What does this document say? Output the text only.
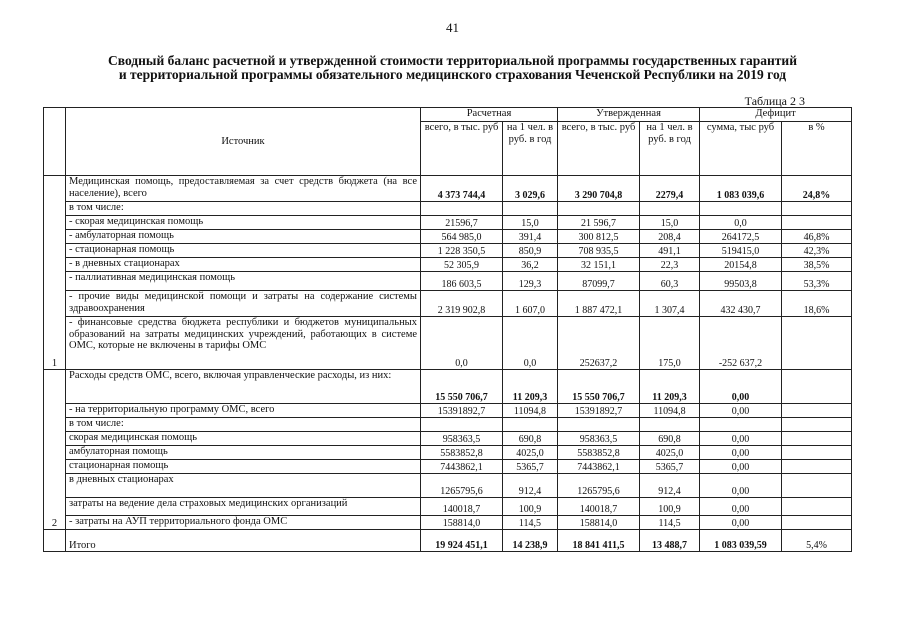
41
Сводный баланс расчетной и утвержденной стоимости территориальной программы государственных гарантий
и территориальной программы обязательного медицинского страхования Чеченской Республики на 2019 год
Таблица 2 3
	Источник	Расчетная		Утвержденная		Дефицит	
		всего, в тыс. руб	на 1 чел. в руб. в год	всего, в тыс. руб	на 1 чел. в руб. в год	сумма, тыс руб	в %
1	Медицинская помощь, предоставляемая за счет средств бюджета (на все население), всего	4 373 744,4	3 029,6	3 290 704,8	2279,4	1 083 039,6	24,8%
	в том числе:						
	- скорая медицинская помощь	21596,7	15,0	21 596,7	15,0	0,0	
	- амбулаторная помощь	564 985,0	391,4	300 812,5	208,4	264172,5	46,8%
	- стационарная помощь	1 228 350,5	850,9	708 935,5	491,1	519415,0	42,3%
	- в дневных стационарах	52 305,9	36,2	32 151,1	22,3	20154,8	38,5%
	- паллиативная медицинская помощь	186 603,5	129,3	87099,7	60,3	99503,8	53,3%
	- прочие виды медицинской помощи и затраты на содержание системы здравоохранения	2 319 902,8	1 607,0	1 887 472,1	1 307,4	432 430,7	18,6%
	- финансовые средства бюджета республики и бюджетов муниципальных образований на затраты медицинских учреждений, работающих в системе ОМС, которые не включены в тарифы ОМС	0,0	0,0	252637,2	175,0	-252 637,2	
2	Расходы средств ОМС, всего, включая управленческие расходы, из них:	15 550 706,7	11 209,3	15 550 706,7	11 209,3	0,00	
	- на территориальную программу ОМС, всего	15391892,7	11094,8	15391892,7	11094,8	0,00	
	в том числе:						
	скорая медицинская помощь	958363,5	690,8	958363,5	690,8	0,00	
	амбулаторная помощь	5583852,8	4025,0	5583852,8	4025,0	0,00	
	стационарная помощь	7443862,1	5365,7	7443862,1	5365,7	0,00	
	в дневных стационарах	1265795,6	912,4	1265795,6	912,4	0,00	
	затраты на ведение дела страховых медицинских организаций	140018,7	100,9	140018,7	100,9	0,00	
	- затраты на АУП территориального фонда ОМС	158814,0	114,5	158814,0	114,5	0,00	
	Итого	19 924 451,1	14 238,9	18 841 411,5	13 488,7	1 083 039,59	5,4%
